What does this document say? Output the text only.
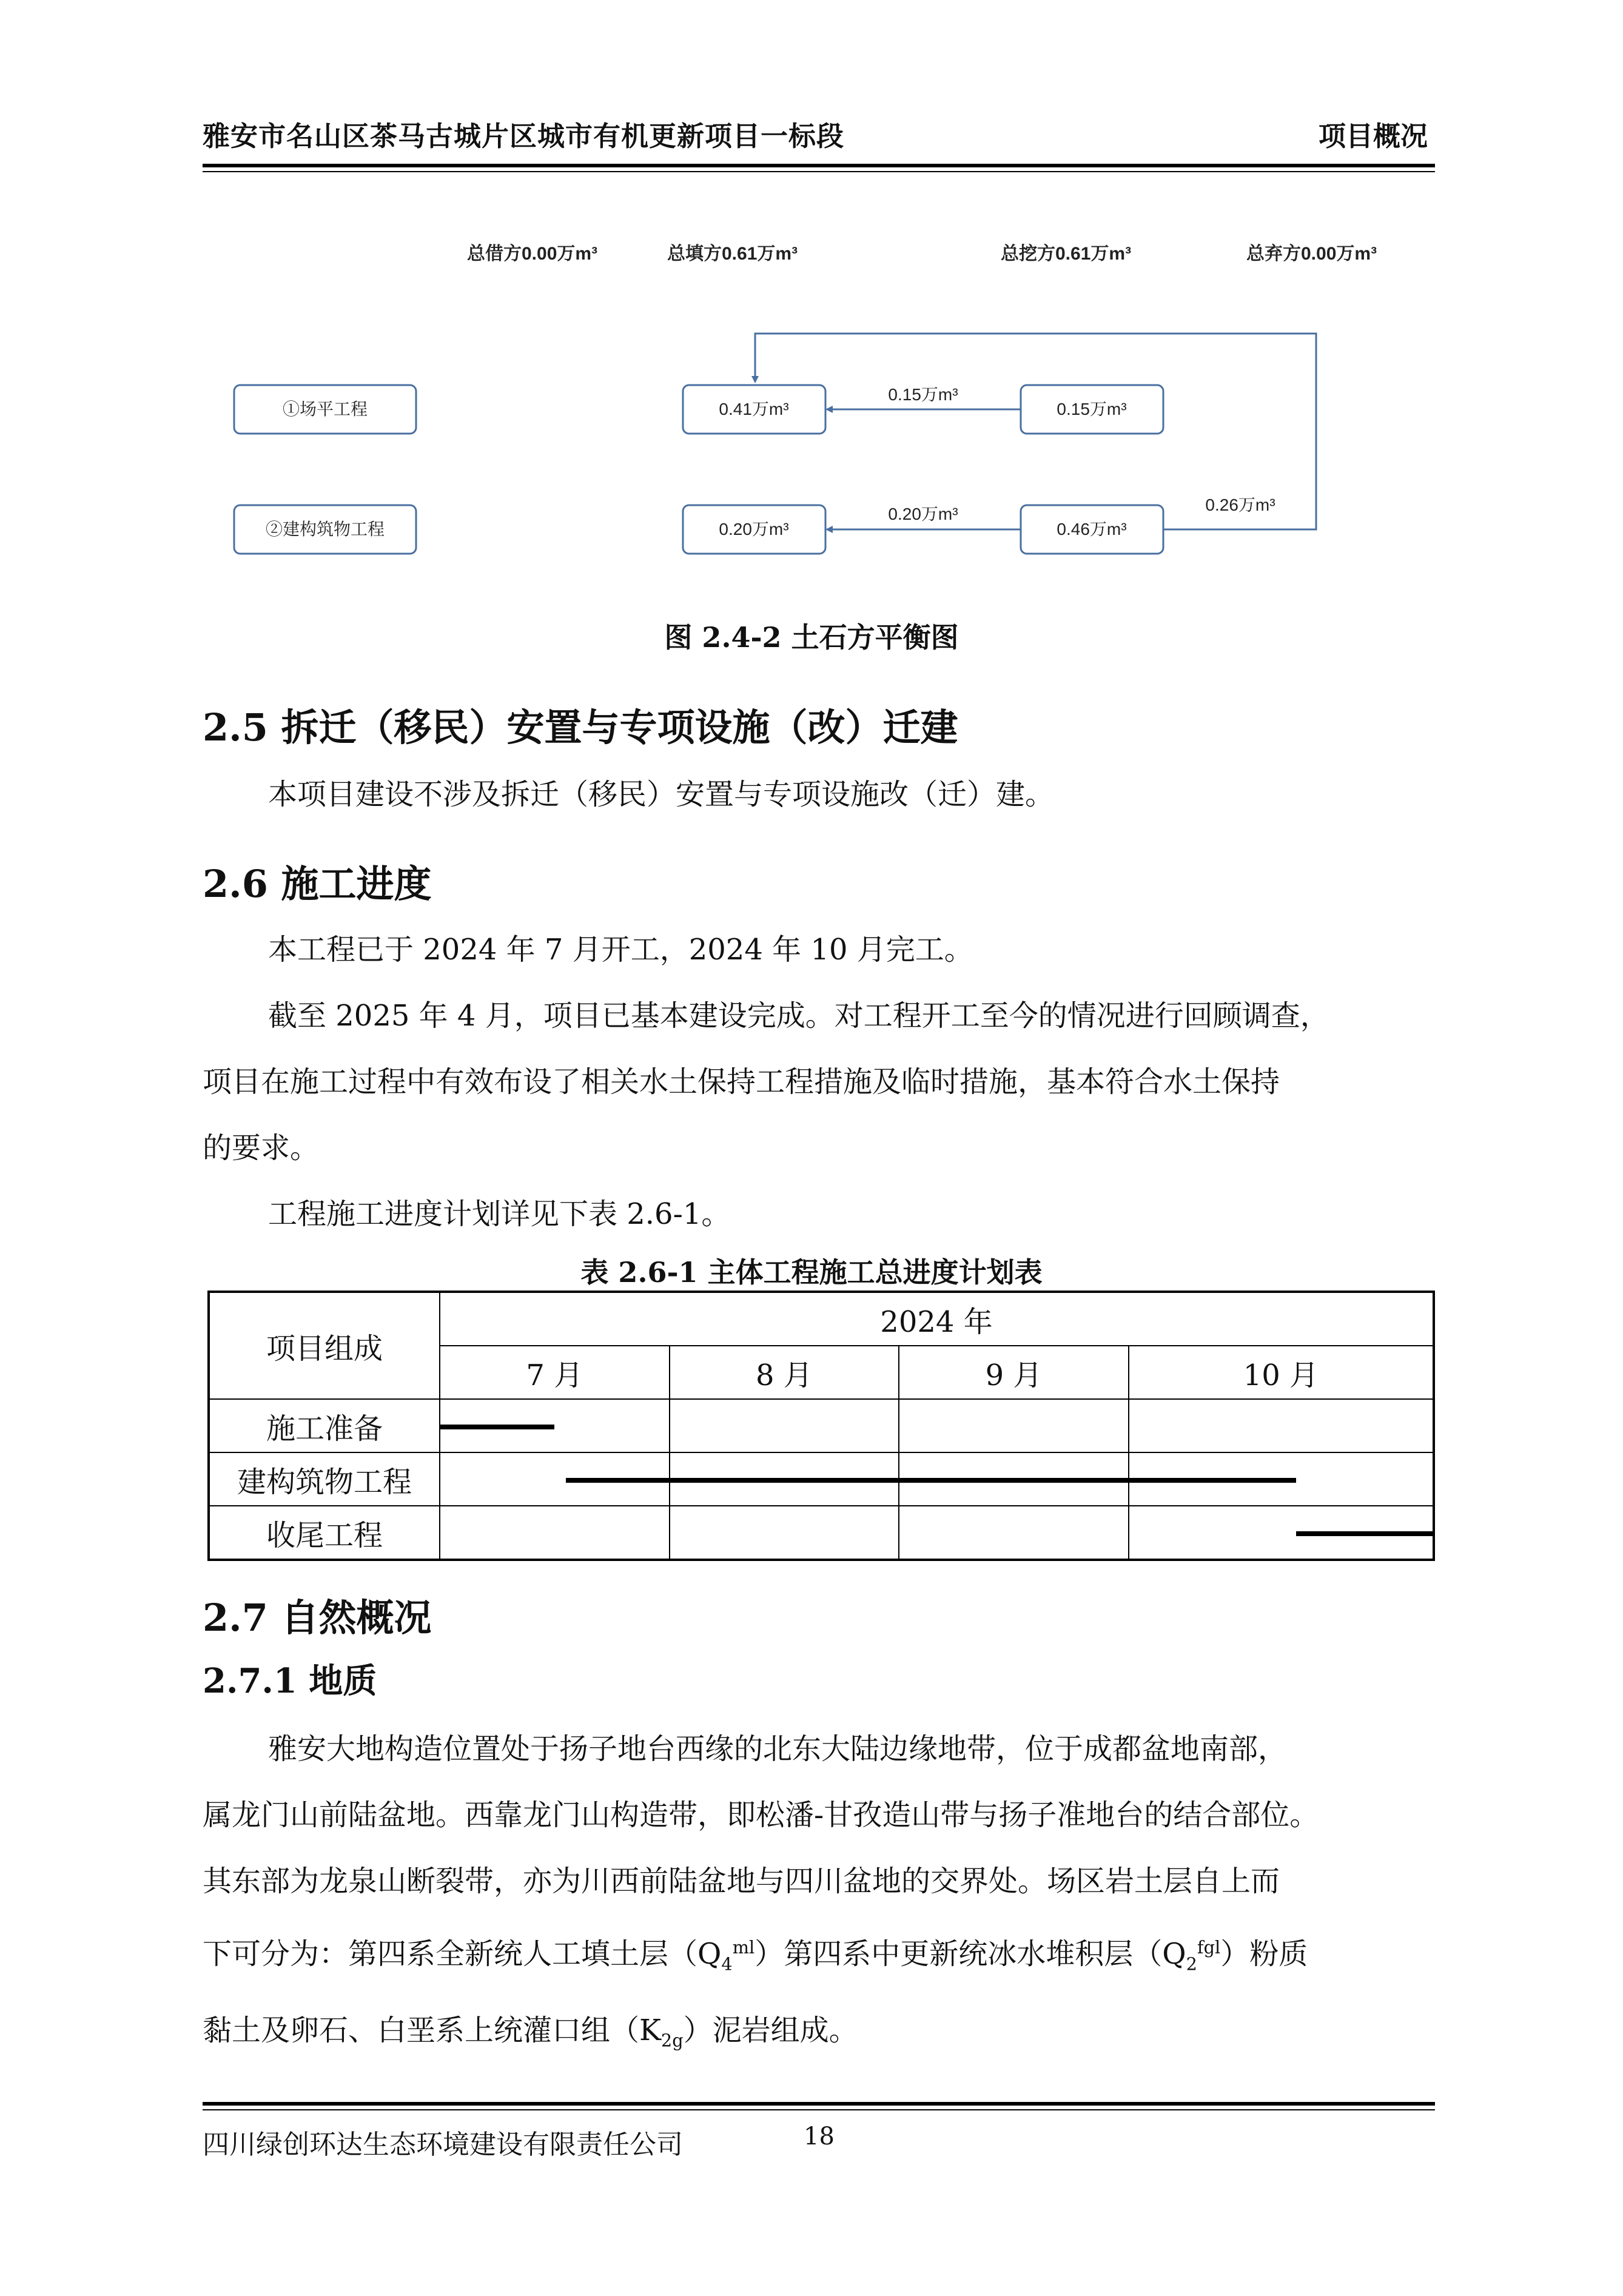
雅安市名山区茶马古城片区城市有机更新项目一标段	项目概况
总借方0.00万m³	总填方0.61万m³	总挖方0.61万m³	总弃方0.00万m³
①场平工程	0.41万m³	0.15万m³
0.15万m³
②建构筑物工程	0.20万m³	0.46万m³
0.20万m³	0.26万m³
图 2.4-2 土石方平衡图
2.5 拆迁（移民）安置与专项设施（改）迁建
本项目建设不涉及拆迁（移民）安置与专项设施改（迁）建。
2.6 施工进度
本工程已于 2024 年 7 月开工，2024 年 10 月完工。
截至 2025 年 4 月，项目已基本建设完成。对工程开工至今的情况进行回顾调查，
项目在施工过程中有效布设了相关水土保持工程措施及临时措施，基本符合水土保持
的要求。
工程施工进度计划详见下表 2.6-1。
表 2.6-1 主体工程施工总进度计划表
项目组成	2024 年			
	7 月	8 月	9 月	10 月
施工准备	

建构筑物工程	

收尾工程				
2.7 自然概况
2.7.1 地质
雅安大地构造位置处于扬子地台西缘的北东大陆边缘地带，位于成都盆地南部，
属龙门山前陆盆地。西靠龙门山构造带，即松潘-甘孜造山带与扬子准地台的结合部位。
其东部为龙泉山断裂带，亦为川西前陆盆地与四川盆地的交界处。场区岩土层自上而
下可分为：第四系全新统人工填土层$(Q_4^{ml})$第四系中更新统冰水堆积层$(Q_2^{fgl})$粉质
黏土及卵石、白垩系上统灌口组$(K_{2g})$泥岩组成。
四川绿创环达生态环境建设有限责任公司	18
